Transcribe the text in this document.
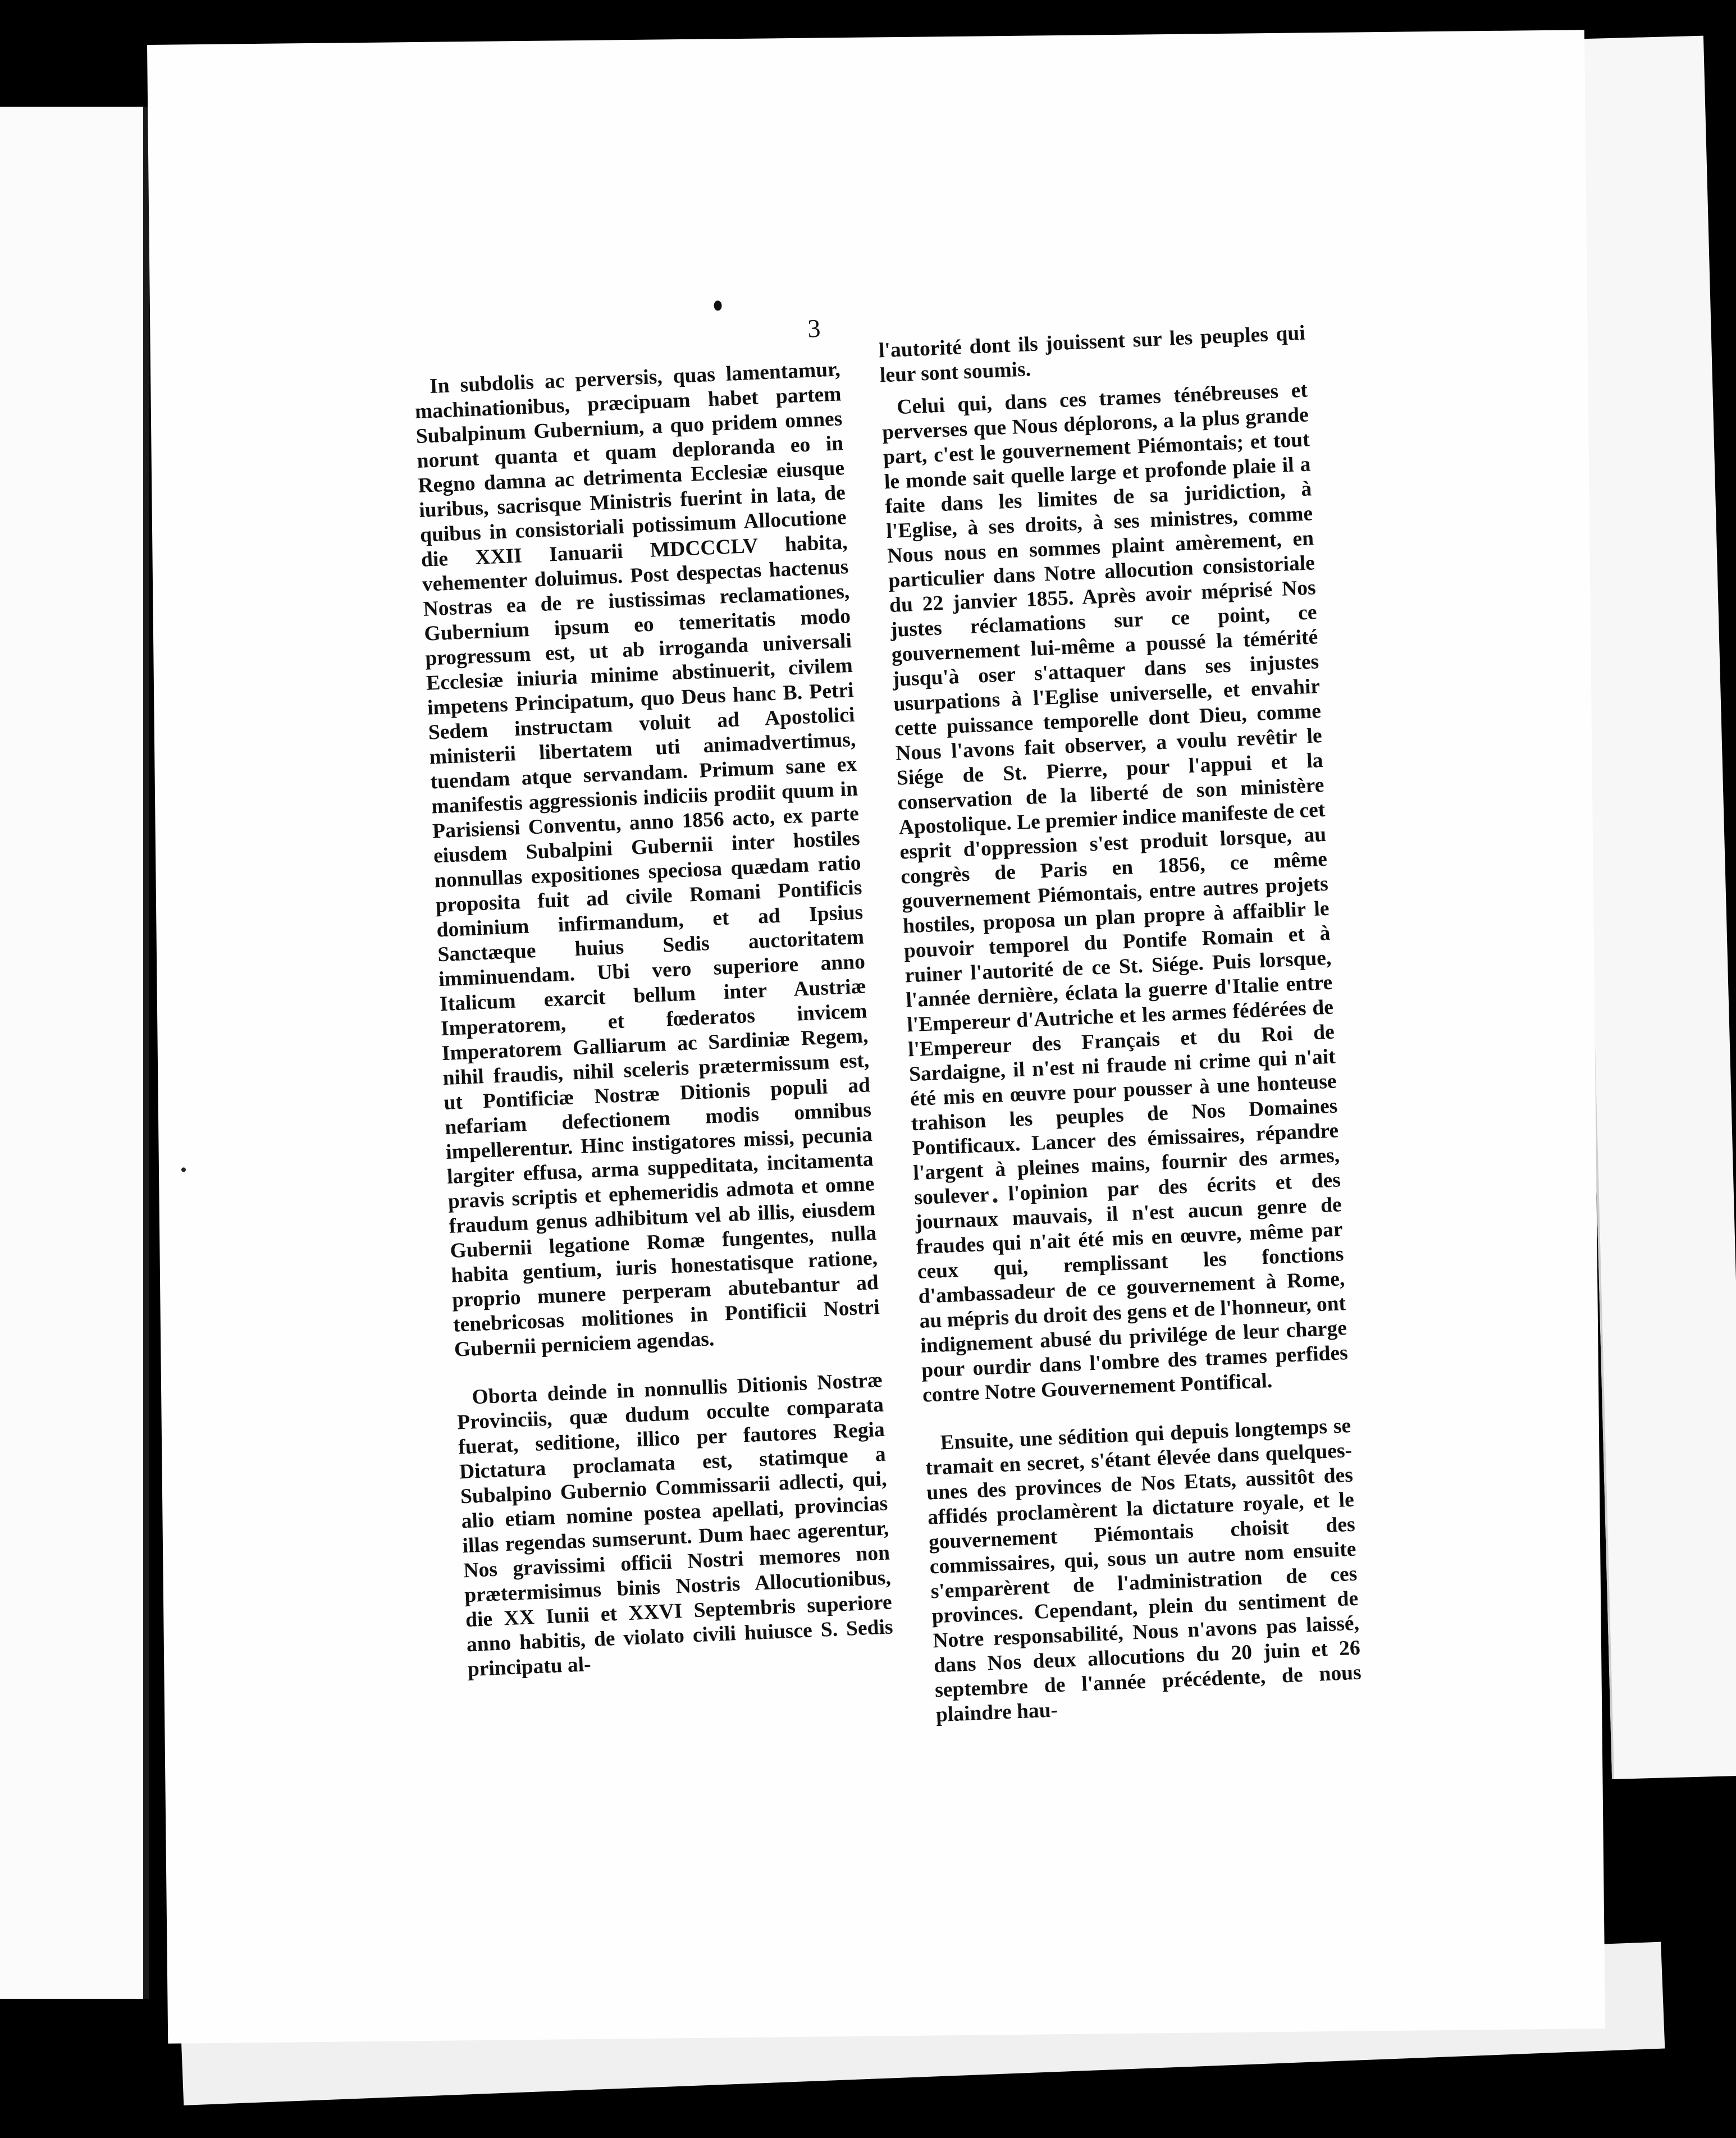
3

In subdolis ac perversis, quas lamentamur, machinationibus, præcipuam habet partem Subalpinum Gubernium, a quo pridem omnes norunt quanta et quam deploranda eo in Regno damna ac detrimenta Ecclesiæ eiusque iuribus, sacrisque Ministris fuerint in lata, de quibus in consistoriali potissimum Allocutione die XXII Ianuarii MDCCCLV habita, vehementer doluimus. Post despectas hactenus Nostras ea de re iustissimas reclamationes, Gubernium ipsum eo temeritatis modo progressum est, ut ab irroganda universali Ecclesiæ iniuria minime abstinuerit, civilem impetens Principatum, quo Deus hanc B. Petri Sedem instructam voluit ad Apostolici ministerii libertatem uti animadvertimus, tuendam atque servandam. Primum sane ex manifestis aggressionis indiciis prodiit quum in Parisiensi Conventu, anno 1856 acto, ex parte eiusdem Subalpini Gubernii inter hostiles nonnullas expositiones speciosa quædam ratio proposita fuit ad civile Romani Pontificis dominium infirmandum, et ad Ipsius Sanctæque huius Sedis auctoritatem imminuendam. Ubi vero superiore anno Italicum exarcit bellum inter Austriæ Imperatorem, et fœderatos invicem Imperatorem Galliarum ac Sardiniæ Regem, nihil fraudis, nihil sceleris prætermissum est, ut Pontificiæ Nostræ Ditionis populi ad nefariam defectionem modis omnibus impellerentur. Hinc instigatores missi, pecunia largiter effusa, arma suppeditata, incitamenta pravis scriptis et ephemeridis admota et omne fraudum genus adhibitum vel ab illis, eiusdem Gubernii legatione Romæ fungentes, nulla habita gentium, iuris honestatisque ratione, proprio munere perperam abutebantur ad tenebricosas molitiones in Pontificii Nostri Gubernii perniciem agendas.

Oborta deinde in nonnullis Ditionis Nostræ Provinciis, quæ dudum occulte comparata fuerat, seditione, illico per fautores Regia Dictatura proclamata est, statimque a Subalpino Gubernio Commissarii adlecti, qui, alio etiam nomine postea apellati, provincias illas regendas sumserunt. Dum haec agerentur, Nos gravissimi officii Nostri memores non prætermisimus binis Nostris Allocutionibus, die XX Iunii et XXVI Septembris superiore anno habitis, de violato civili huiusce S. Sedis principatu al-

l'autorité dont ils jouissent sur les peuples qui leur sont soumis.

Celui qui, dans ces trames ténébreuses et perverses que Nous déplorons, a la plus grande part, c'est le gouvernement Piémontais; et tout le monde sait quelle large et profonde plaie il a faite dans les limites de sa juridiction, à l'Eglise, à ses droits, à ses ministres, comme Nous nous en sommes plaint amèrement, en particulier dans Notre allocution consistoriale du 22 janvier 1855. Après avoir méprisé Nos justes réclamations sur ce point, ce gouvernement lui-même a poussé la témérité jusqu'à oser s'attaquer dans ses injustes usurpations à l'Eglise universelle, et envahir cette puissance temporelle dont Dieu, comme Nous l'avons fait observer, a voulu revêtir le Siége de St. Pierre, pour l'appui et la conservation de la liberté de son ministère Apostolique. Le premier indice manifeste de cet esprit d'oppression s'est produit lorsque, au congrès de Paris en 1856, ce même gouvernement Piémontais, entre autres projets hostiles, proposa un plan propre à affaiblir le pouvoir temporel du Pontife Romain et à ruiner l'autorité de ce St. Siége. Puis lorsque, l'année dernière, éclata la guerre d'Italie entre l'Empereur d'Autriche et les armes fédérées de l'Empereur des Français et du Roi de Sardaigne, il n'est ni fraude ni crime qui n'ait été mis en œuvre pour pousser à une honteuse trahison les peuples de Nos Domaines Pontificaux. Lancer des émissaires, répandre l'argent à pleines mains, fournir des armes, soulever l'opinion par des écrits et des journaux mauvais, il n'est aucun genre de fraudes qui n'ait été mis en œuvre, même par ceux qui, remplissant les fonctions d'ambassadeur de ce gouvernement à Rome, au mépris du droit des gens et de l'honneur, ont indignement abusé du privilége de leur charge pour ourdir dans l'ombre des trames perfides contre Notre Gouvernement Pontifical.

Ensuite, une sédition qui depuis longtemps se tramait en secret, s'étant élevée dans quelques-unes des provinces de Nos Etats, aussitôt des affidés proclamèrent la dictature royale, et le gouvernement Piémontais choisit des commissaires, qui, sous un autre nom ensuite s'emparèrent de l'administration de ces provinces. Cependant, plein du sentiment de Notre responsabilité, Nous n'avons pas laissé, dans Nos deux allocutions du 20 juin et 26 septembre de l'année précédente, de nous plaindre hau-
